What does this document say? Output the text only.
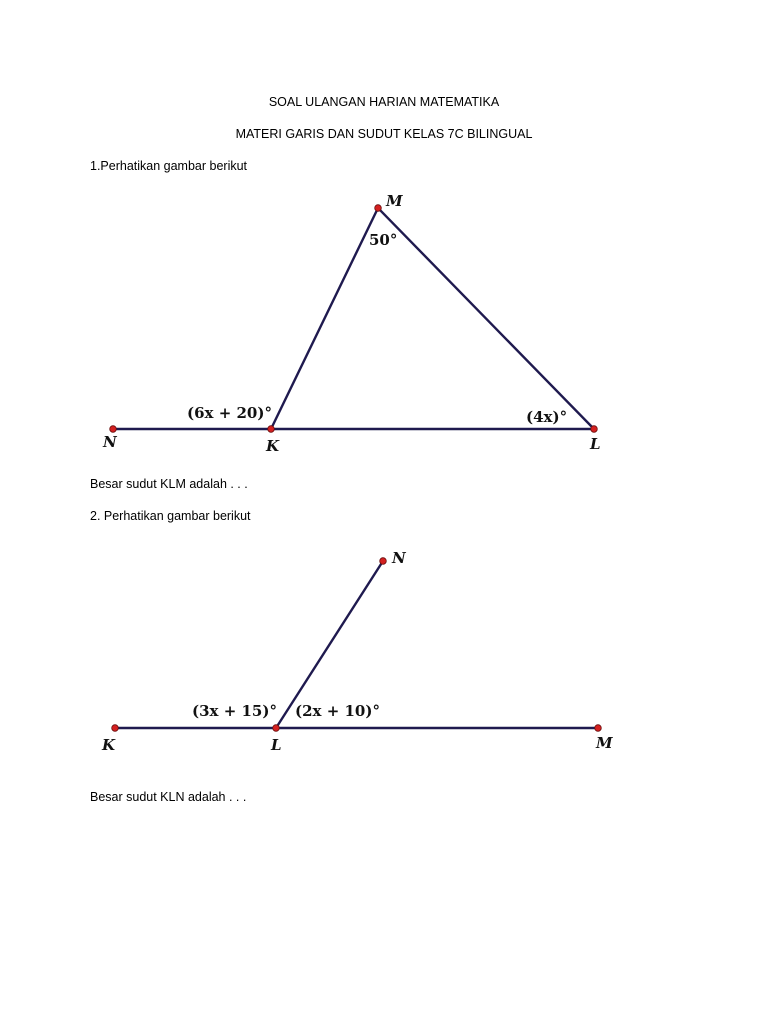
SOAL ULANGAN HARIAN MATEMATIKA
MATERI GARIS DAN SUDUT KELAS 7C BILINGUAL
1.Perhatikan gambar berikut
M
N	K	L
50°
(6x + 20)°	(4x)°
Besar sudut KLM adalah . . .
2. Perhatikan gambar berikut
N
K	L	M
(3x + 15)° (2x + 10)°
Besar sudut KLN adalah . . .
